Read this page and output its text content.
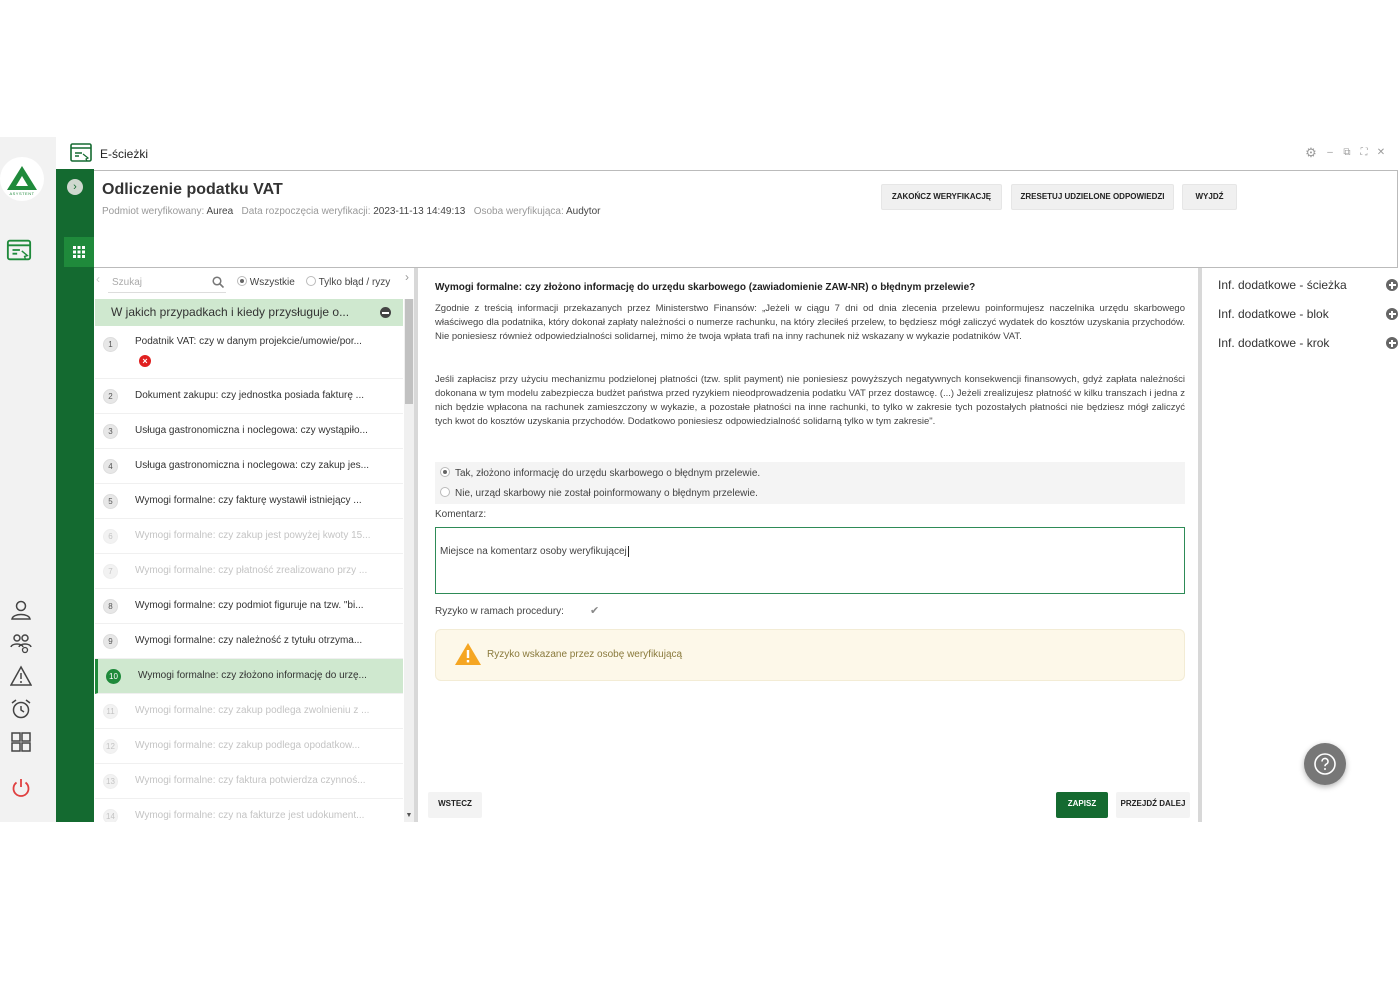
ASYSTENT
›
E-ścieżki	⚙	–	⧉ ⛶ ✕
Odliczenie podatku VAT
Podmiot weryfikowany: Aurea Data rozpoczęcia weryfikacji: 2023-11-13 14:49:13 Osoba weryfikująca: Audytor
ZAKOŃCZ WERYFIKACJĘ	ZRESETUJ UDZIELONE ODPOWIEDZI	WYJDŹ
‹	Szukaj	Wszystkie	Tylko błąd / ryzy ›
W jakich przypadkach i kiedy przysługuje o...
1	Podatnik VAT: czy w danym projekcie/umowie/por...
×
2	Dokument zakupu: czy jednostka posiada fakturę ...
3	Usługa gastronomiczna i noclegowa: czy wystąpiło...
4	Usługa gastronomiczna i noclegowa: czy zakup jes...
5	Wymogi formalne: czy fakturę wystawił istniejący ...
6	Wymogi formalne: czy zakup jest powyżej kwoty 15...
7	Wymogi formalne: czy płatność zrealizowano przy ...
8	Wymogi formalne: czy podmiot figuruje na tzw. "bi...
9	Wymogi formalne: czy należność z tytułu otrzyma...
10	Wymogi formalne: czy złożono informację do urzę...
11	Wymogi formalne: czy zakup podlega zwolnieniu z ...
12	Wymogi formalne: czy zakup podlega opodatkow...
13	Wymogi formalne: czy faktura potwierdza czynnoś...
14	Wymogi formalne: czy na fakturze jest udokument...	▼
Wymogi formalne: czy złożono informację do urzędu skarbowego (zawiadomienie ZAW-NR) o błędnym przelewie?
Zgodnie z treścią informacji przekazanych przez Ministerstwo Finansów: „Jeżeli w ciągu 7 dni od dnia zlecenia przelewu poinformujesz naczelnika urzędu skarbowego właściwego dla podatnika, który dokonał zapłaty należności o numerze rachunku, na który zleciłeś przelew, to będziesz mógł zaliczyć wydatek do kosztów uzyskania przychodów. Nie poniesiesz również odpowiedzialności solidarnej, mimo że twoja wpłata trafi na inny rachunek niż wskazany w wykazie podatników VAT.
Jeśli zapłacisz przy użyciu mechanizmu podzielonej płatności (tzw. split payment) nie poniesiesz powyższych negatywnych konsekwencji finansowych, gdyż zapłata należności dokonana w tym modelu zabezpiecza budżet państwa przed ryzykiem nieodprowadzenia podatku VAT przez dostawcę. (...) Jeżeli zrealizujesz płatność w kilku transzach i jedna z nich będzie wpłacona na rachunek zamieszczony w wykazie, a pozostałe płatności na inne rachunki, to tylko w zakresie tych pozostałych płatności nie będziesz mógł zaliczyć tych kwot do kosztów uzyskania przychodów. Dodatkowo poniesiesz odpowiedzialność solidarną tylko w tym zakresie".
Tak, złożono informację do urzędu skarbowego o błędnym przelewie.
Nie, urząd skarbowy nie został poinformowany o błędnym przelewie.
Komentarz:
Miejsce na komentarz osoby weryfikującej
Ryzyko w ramach procedury: ✔
Ryzyko wskazane przez osobę weryfikującą
WSTECZ	ZAPISZ	PRZEJDŹ DALEJ
Inf. dodatkowe - ścieżka
Inf. dodatkowe - blok
Inf. dodatkowe - krok
